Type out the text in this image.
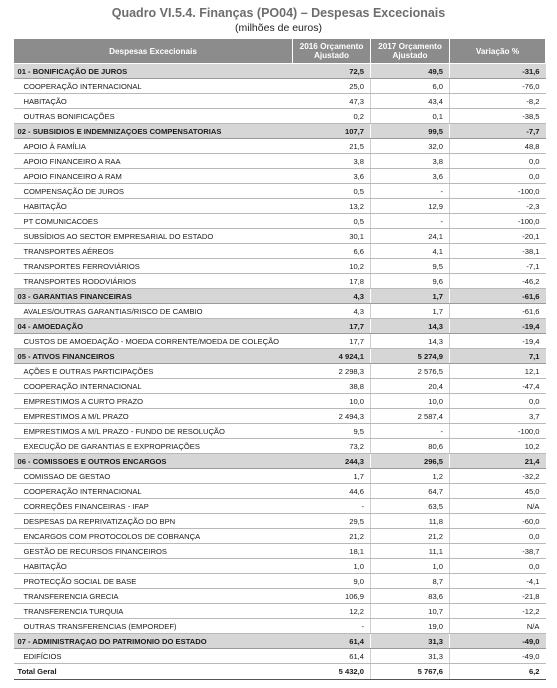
Quadro VI.5.4. Finanças (PO04) – Despesas Excecionais
(milhões de euros)
Despesas Excecionais	2016 Orçamento Ajustado	2017 Orçamento Ajustado	Variação %
01 - BONIFICAÇÃO DE JUROS	72,5	49,5	-31,6
COOPERAÇÃO INTERNACIONAL	25,0	6,0	-76,0
HABITAÇÃO	47,3	43,4	-8,2
OUTRAS BONIFICAÇÕES	0,2	0,1	-38,5
02 - SUBSIDIOS E INDEMNIZAÇOES COMPENSATORIAS	107,7	99,5	-7,7
APOIO À FAMÍLIA	21,5	32,0	48,8
APOIO FINANCEIRO A RAA	3,8	3,8	0,0
APOIO FINANCEIRO A RAM	3,6	3,6	0,0
COMPENSAÇÃO DE JUROS	0,5	-	-100,0
HABITAÇÃO	13,2	12,9	-2,3
PT COMUNICACOES	0,5	-	-100,0
SUBSÍDIOS AO SECTOR EMPRESARIAL DO ESTADO	30,1	24,1	-20,1
TRANSPORTES AÉREOS	6,6	4,1	-38,1
TRANSPORTES FERROVIÁRIOS	10,2	9,5	-7,1
TRANSPORTES RODOVIÁRIOS	17,8	9,6	-46,2
03 - GARANTIAS FINANCEIRAS	4,3	1,7	-61,6
AVALES/OUTRAS GARANTIAS/RISCO DE CAMBIO	4,3	1,7	-61,6
04 - AMOEDAÇÃO	17,7	14,3	-19,4
CUSTOS DE AMOEDAÇÃO - MOEDA CORRENTE/MOEDA DE COLEÇÃO	17,7	14,3	-19,4
05 - ATIVOS FINANCEIROS	4 924,1	5 274,9	7,1
AÇÕES E OUTRAS PARTICIPAÇÕES	2 298,3	2 576,5	12,1
COOPERAÇÃO INTERNACIONAL	38,8	20,4	-47,4
EMPRESTIMOS A CURTO PRAZO	10,0	10,0	0,0
EMPRESTIMOS A M/L PRAZO	2 494,3	2 587,4	3,7
EMPRESTIMOS A M/L PRAZO - FUNDO DE RESOLUÇÃO	9,5	-	-100,0
EXECUÇÃO DE GARANTIAS E EXPROPRIAÇÕES	73,2	80,6	10,2
06 - COMISSOES E OUTROS ENCARGOS	244,3	296,5	21,4
COMISSAO DE GESTAO	1,7	1,2	-32,2
COOPERAÇÃO INTERNACIONAL	44,6	64,7	45,0
CORREÇÕES FINANCEIRAS - IFAP	-	63,5	N/A
DESPESAS DA REPRIVATIZAÇÃO DO BPN	29,5	11,8	-60,0
ENCARGOS COM PROTOCOLOS DE COBRANÇA	21,2	21,2	0,0
GESTÃO DE RECURSOS FINANCEIROS	18,1	11,1	-38,7
HABITAÇÃO	1,0	1,0	0,0
PROTECÇÃO SOCIAL DE BASE	9,0	8,7	-4,1
TRANSFERENCIA GRECIA	106,9	83,6	-21,8
TRANSFERENCIA TURQUIA	12,2	10,7	-12,2
OUTRAS TRANSFERENCIAS (EMPORDEF)	-	19,0	N/A
07 - ADMINISTRAÇAO DO PATRIMONIO DO ESTADO	61,4	31,3	-49,0
EDIFÍCIOS	61,4	31,3	-49,0
Total Geral	5 432,0	5 767,6	6,2
